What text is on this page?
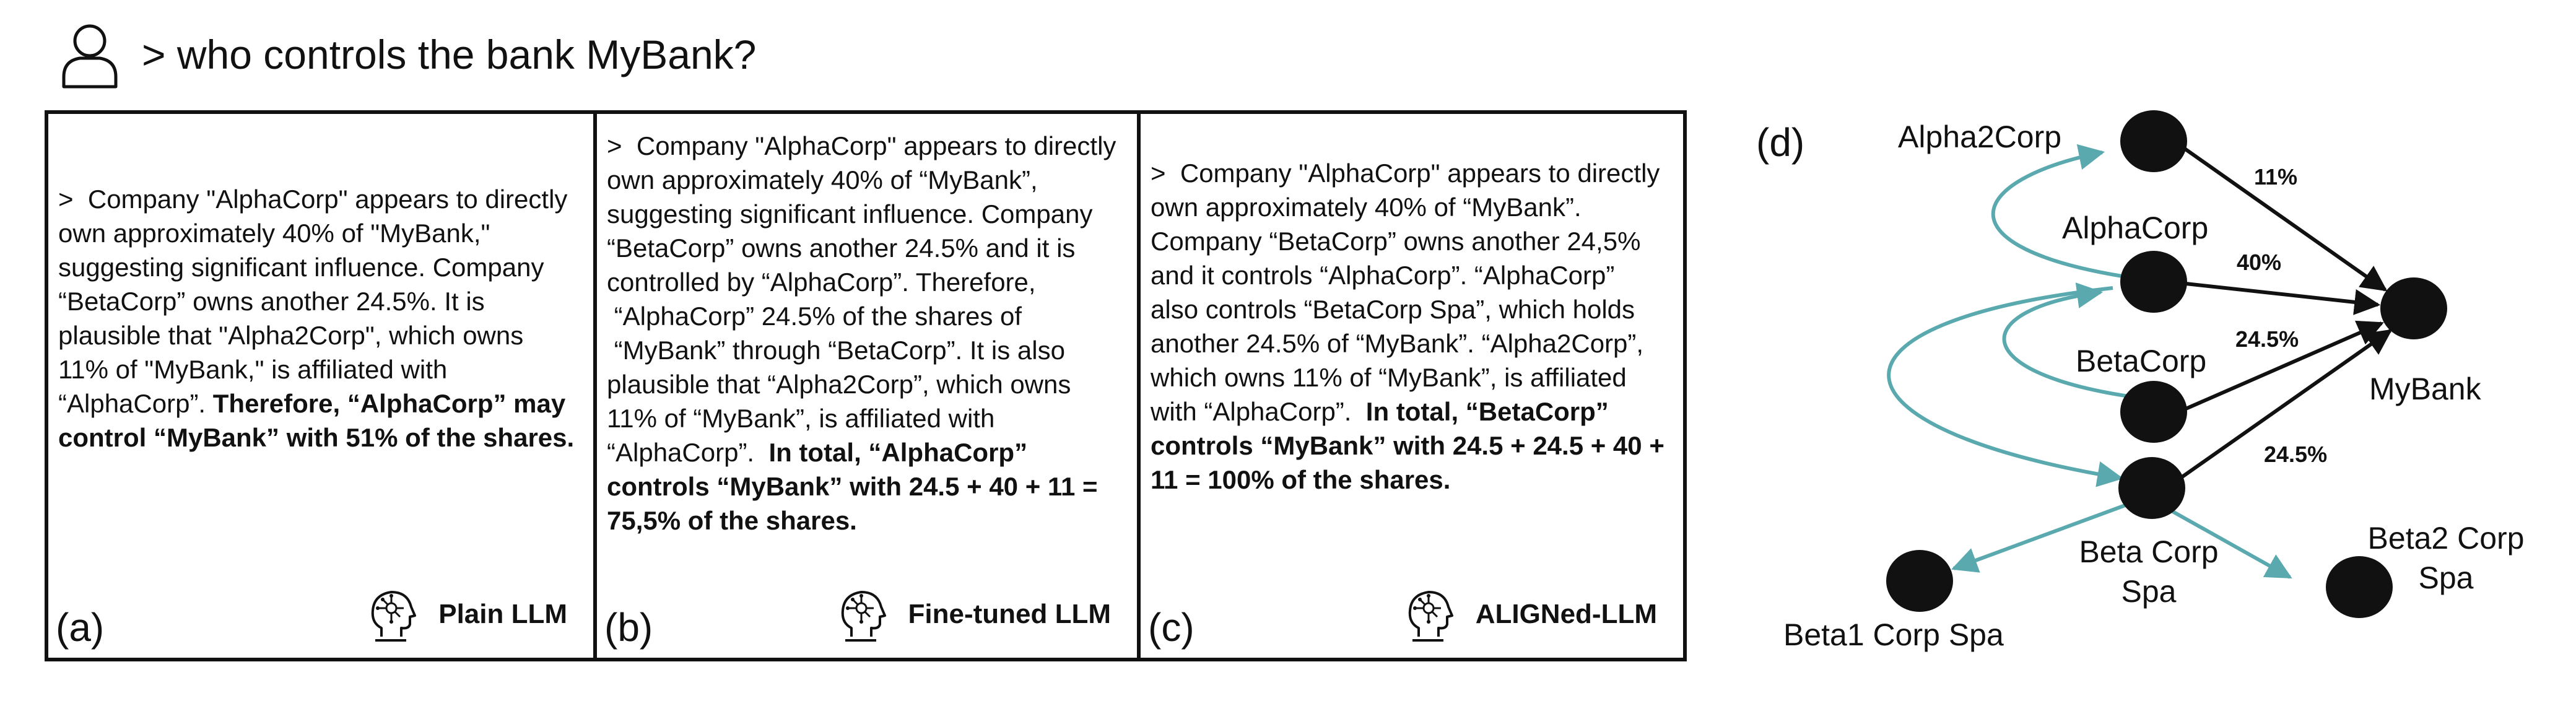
> who controls the bank MyBank?
>  Company "AlphaCorp" appears to directly own approximately 40% of "MyBank," suggesting significant influence. Company “BetaCorp” owns another 24.5%. It is plausible that "Alpha2Corp", which owns 11% of "MyBank," is affiliated with “AlphaCorp”. Therefore, “AlphaCorp” may control “MyBank” with 51% of the shares.
(a)	Plain LLM
>  Company "AlphaCorp" appears to directly own approximately 40% of “MyBank”, suggesting significant influence. Company “BetaCorp” owns another 24.5% and it is controlled by “AlphaCorp”. Therefore,  “AlphaCorp” 24.5% of the shares of  “MyBank” through “BetaCorp”. It is also plausible that “Alpha2Corp”, which owns 11% of “MyBank”, is affiliated with “AlphaCorp”.  In total, “AlphaCorp” controls “MyBank” with 24.5 + 40 + 11 = 75,5% of the shares.
(b)	Fine-tuned LLM
>  Company "AlphaCorp" appears to directly own approximately 40% of “MyBank”. Company “BetaCorp” owns another 24,5% and it controls “AlphaCorp”. “AlphaCorp” also controls “BetaCorp Spa”, which holds another 24.5% of “MyBank”. “Alpha2Corp”, which owns 11% of “MyBank”, is affiliated with “AlphaCorp”.  In total, “BetaCorp” controls “MyBank” with 24.5 + 24.5 + 40 + 11 = 100% of the shares.
(c)	ALIGNed-LLM
(d)
11%
40%
24.5%
24.5%
Alpha2Corp
AlphaCorp
BetaCorp
MyBank
Beta Corp
Spa
Beta1 Corp Spa
Beta2 Corp
Spa
